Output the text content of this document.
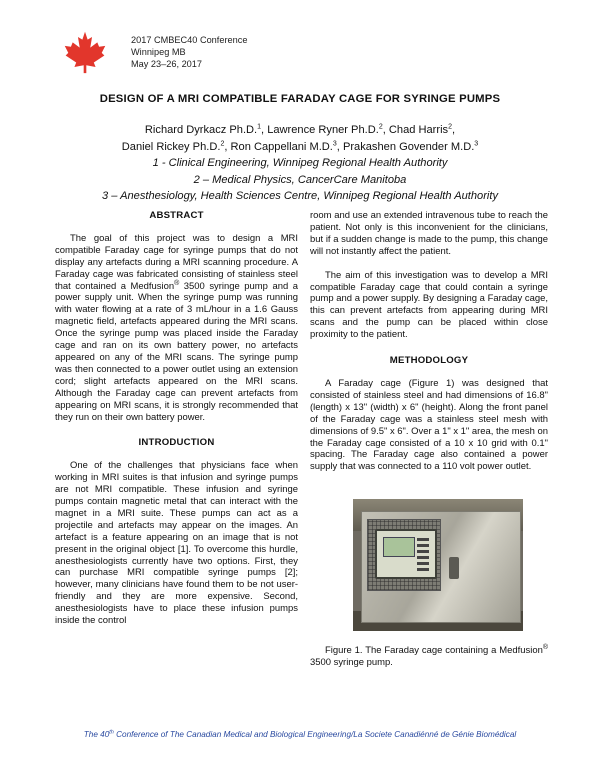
2017 CMBEC40 Conference
Winnipeg MB
May 23–26, 2017
DESIGN OF A MRI COMPATIBLE FARADAY CAGE FOR SYRINGE PUMPS
Richard Dyrkacz Ph.D.$^1$, Lawrence Ryner Ph.D.$^2$, Chad Harris$^2$,
Daniel Rickey Ph.D.$^2$, Ron Cappellani M.D.$^3$, Prakashen Govender M.D.$^3$
1 - Clinical Engineering, Winnipeg Regional Health Authority
2 – Medical Physics, CancerCare Manitoba
3 – Anesthesiology, Health Sciences Centre, Winnipeg Regional Health Authority
ABSTRACT

The goal of this project was to design a MRI compatible Faraday cage for syringe pumps that do not display any artefacts during a MRI scanning procedure. A Faraday cage was fabricated consisting of stainless steel that contained a Medfusion® 3500 syringe pump and a power supply unit. When the syringe pump was running with water flowing at a rate of 3 mL/hour in a 1.6 Gauss magnetic field, artefacts appeared during the MRI scans. Once the syringe pump was placed inside the Faraday cage and ran on its own battery power, no artefacts appeared on any of the MRI scans. The syringe pump was then connected to a power outlet using an extension cord; slight artefacts appeared on the MRI scans. Although the Faraday cage can prevent artefacts from appearing on MRI scans, it is strongly recommended that they run on their own battery power.

INTRODUCTION

One of the challenges that physicians face when working in MRI suites is that infusion and syringe pumps are not MRI compatible. These infusion and syringe pumps contain magnetic metal that can interact with the magnet in a MRI suite. These pumps can act as a projectile and artefacts may appear on the images. An artefact is a feature appearing on an image that is not present in the original object [1]. To overcome this hurdle, anesthesiologists currently have two options. First, they can purchase MRI compatible syringe pumps [2]; however, many clinicians have found them to be not user-friendly and they are more expensive. Second, anesthesiologists have to place these infusion pumps inside the control

room and use an extended intravenous tube to reach the patient. Not only is this inconvenient for the clinicians, but if a sudden change is made to the pump, this change will not instantly affect the patient.

The aim of this investigation was to develop a MRI compatible Faraday cage that could contain a syringe pump and a power supply. By designing a Faraday cage, this can prevent artefacts from appearing during MRI scans and the pump can be placed within close proximity to the patient.

METHODOLOGY

A Faraday cage (Figure 1) was designed that consisted of stainless steel and had dimensions of 16.8" (length) x 13" (width) x 6" (height). Along the front panel of the Faraday cage was a stainless steel mesh with dimensions of 9.5" x 6". Over a 1" x 1" area, the mesh on the Faraday cage consisted of a 10 x 10 grid with 0.1" spacing. The Faraday cage also contained a power supply that was connected to a 110 volt power outlet.

Figure 1. The Faraday cage containing a Medfusion® 3500 syringe pump.

The 40th Conference of The Canadian Medical and Biological Engineering/La Societe Canadiénné de Génie Biomédical
